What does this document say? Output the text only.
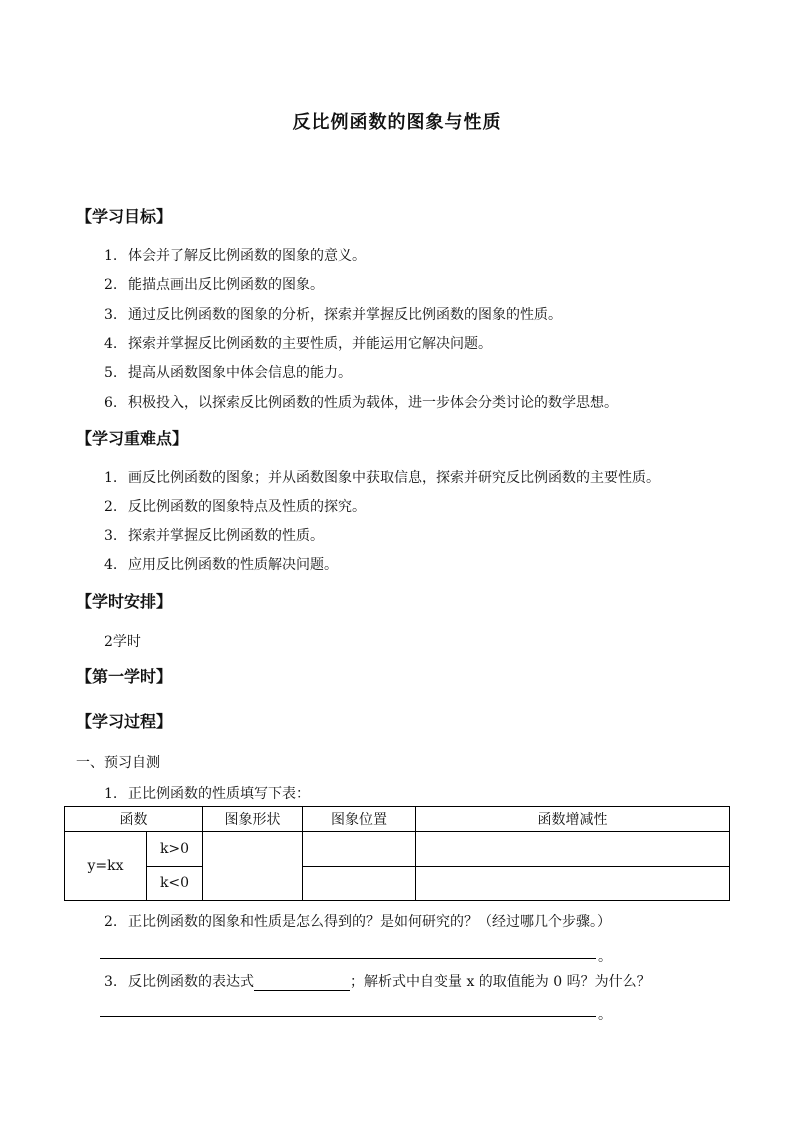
反比例函数的图象与性质
【学习目标】
1. 体会并了解反比例函数的图象的意义。
2. 能描点画出反比例函数的图象。
3. 通过反比例函数的图象的分析，探索并掌握反比例函数的图象的性质。
4. 探索并掌握反比例函数的主要性质，并能运用它解决问题。
5. 提高从函数图象中体会信息的能力。
6. 积极投入，以探索反比例函数的性质为载体，进一步体会分类讨论的数学思想。
【学习重难点】
1. 画反比例函数的图象；并从函数图象中获取信息，探索并研究反比例函数的主要性质。
2. 反比例函数的图象特点及性质的探究。
3. 探索并掌握反比例函数的性质。
4. 应用反比例函数的性质解决问题。
【学时安排】
2学时
【第一学时】
【学习过程】
一、预习自测
1. 正比例函数的性质填写下表：
函数		图象形状	图象位置	函数增减性
y=kx	k>0			
	k<0			
2. 正比例函数的图象和性质是怎么得到的？是如何研究的？（经过哪几个步骤。）
。
3. 反比例函数的表达式	；解析式中自变量 x 的取值能为 0 吗？为什么？
。
